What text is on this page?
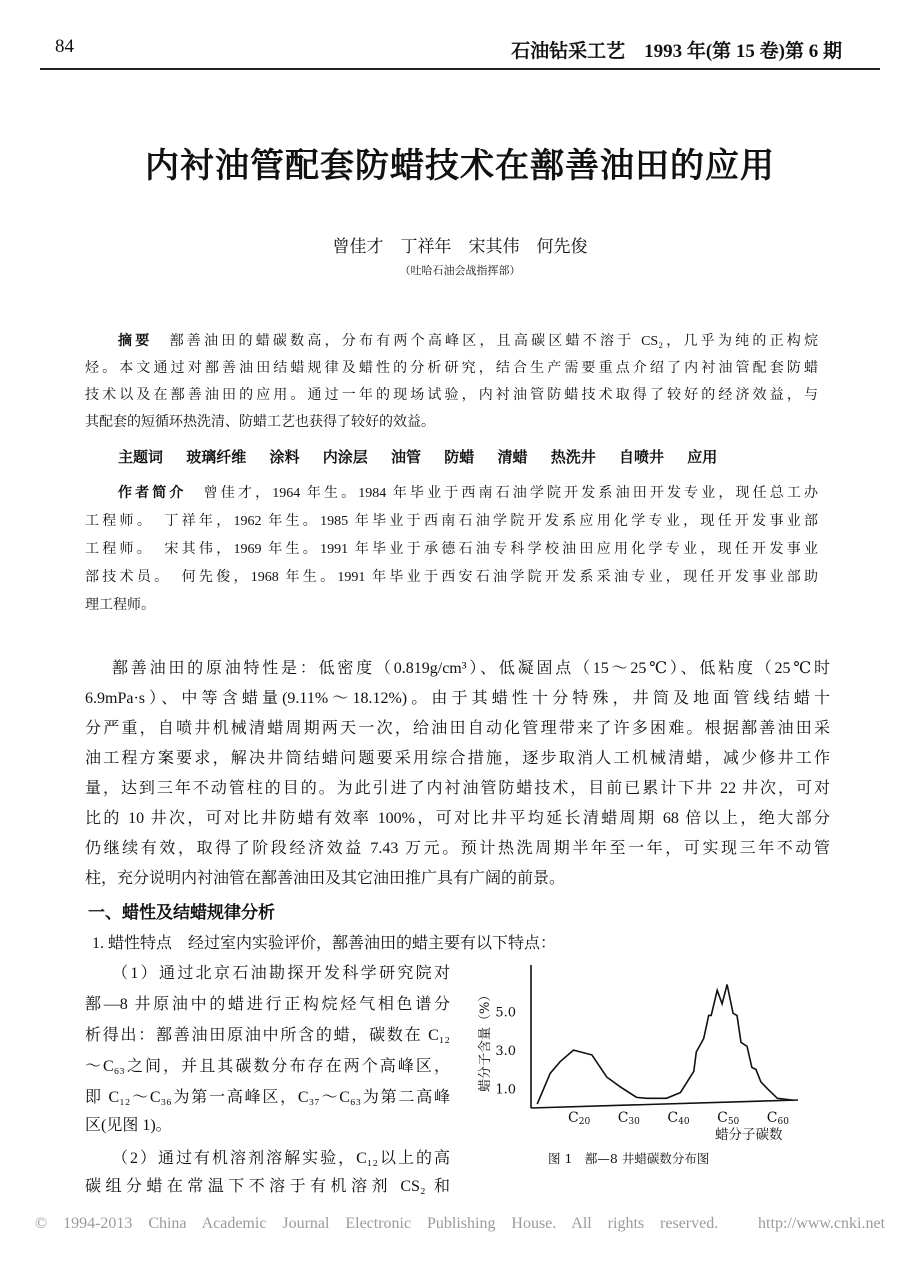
84	石油钻采工艺　1993 年(第 15 卷)第 6 期
内衬油管配套防蜡技术在鄯善油田的应用
曾佳才　丁祥年　宋其伟　何先俊
（吐哈石油会战指挥部）
摘要　 鄯善油田的蜡碳数高，分布有两个高峰区，且高碳区蜡不溶于 CS₂，几乎为纯的正构烷
烃。本文通过对鄯善油田结蜡规律及蜡性的分析研究，结合生产需要重点介绍了内衬油管配套防蜡
技术以及在鄯善油田的应用。通过一年的现场试验，内衬油管防蜡技术取得了较好的经济效益，与
其配套的短循环热洗清、防蜡工艺也获得了较好的效益。
主题词 玻璃纤维 涂料 内涂层 油管 防蜡 清蜡 热洗井 自喷井 应用
作者简介　 曾佳才，1964 年生。1984 年毕业于西南石油学院开发系油田开发专业，现任总工办
工程师。　丁祥年，1962 年生。1985 年毕业于西南石油学院开发系应用化学专业，现任开发事业部
工程师。　宋其伟，1969 年生。1991 年毕业于承德石油专科学校油田应用化学专业，现任开发事业
部技术员。　何先俊，1968 年生。1991 年毕业于西安石油学院开发系采油专业，现任开发事业部助
理工程师。
鄯善油田的原油特性是：低密度（0.819g/cm³）、低凝固点（15～25℃）、低粘度（25℃时
6.9mPa·s）、中等含蜡量(9.11%～18.12%)。由于其蜡性十分特殊，井筒及地面管线结蜡十
分严重，自喷井机械清蜡周期两天一次，给油田自动化管理带来了许多困难。根据鄯善油田采
油工程方案要求，解决井筒结蜡问题要采用综合措施，逐步取消人工机械清蜡，减少修井工作
量，达到三年不动管柱的目的。为此引进了内衬油管防蜡技术，目前已累计下井 22 井次，可对
比的 10 井次，可对比井防蜡有效率 100%，可对比井平均延长清蜡周期 68 倍以上，绝大部分
仍继续有效，取得了阶段经济效益 7.43 万元。预计热洗周期半年至一年，可实现三年不动管
柱，充分说明内衬油管在鄯善油田及其它油田推广具有广阔的前景。
一、蜡性及结蜡规律分析
1. 蜡性特点　 经过室内实验评价，鄯善油田的蜡主要有以下特点：
（1）通过北京石油勘探开发科学研究院对
鄯—8 井原油中的蜡进行正构烷烃气相色谱分
析得出：鄯善油田原油中所含的蜡，碳数在 C₁₂
～C₆₃之间，并且其碳数分布存在两个高峰区，
即 C₁₂～C₃₆为第一高峰区，C₃₇～C₆₃为第二高峰
区(见图 1)。
（2）通过有机溶剂溶解实验，C₁₂以上的高
碳组分蜡在常温下不溶于有机溶剂 CS₂ 和
1.0
3.0
5.0
C20 C30 C40 C50 C60
蜡分子含量（%）
蜡分子碳数
图 1　鄯—8 井蜡碳数分布图
© 1994-2013 China Academic Journal Electronic Publishing House. All rights reserved.　http://www.cnki.net
